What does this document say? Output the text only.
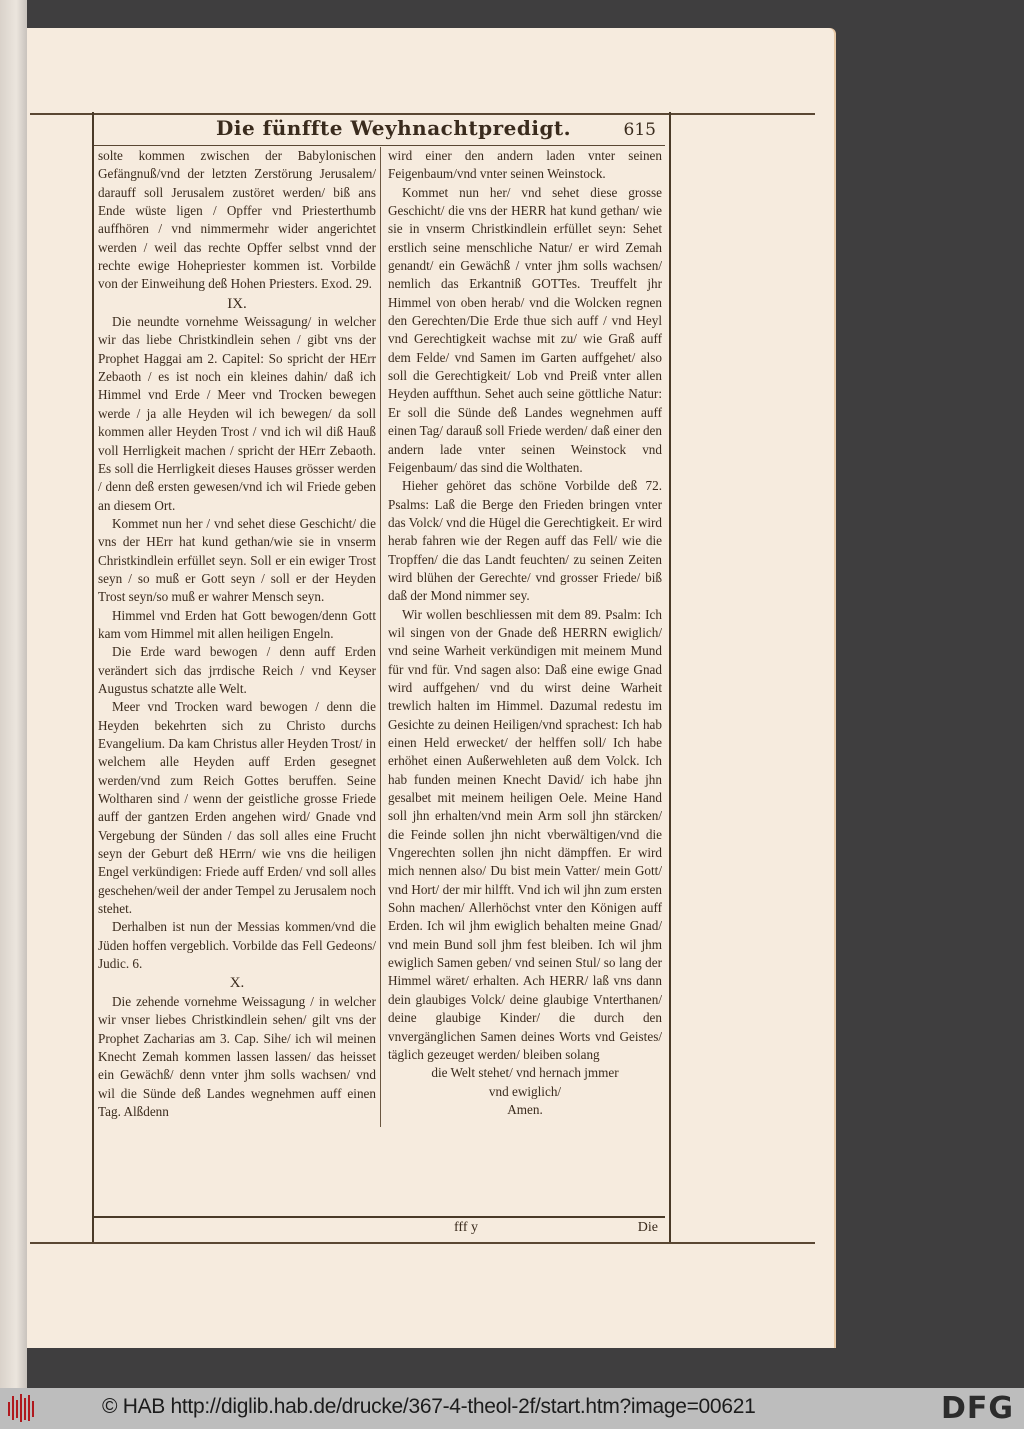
Die fünffte Weyhnachtpredigt.	615

solte kommen zwischen der Babylonischen Gefängnuß/vnd der letzten Zerstörung Jerusalem/ darauff soll Jerusalem zustöret werden/ biß ans Ende wüste ligen / Opffer vnd Priesterthumb auffhören / vnd nimmermehr wider angerichtet werden / weil das rechte Opffer selbst vnnd der rechte ewige Hohepriester kommen ist. Vorbilde von der Einweihung deß Hohen Priesters. Exod. 29.

IX.

Die neundte vornehme Weissagung/ in welcher wir das liebe Christkindlein sehen / gibt vns der Prophet Haggai am 2. Capitel: So spricht der HErr Zebaoth / es ist noch ein kleines dahin/ daß ich Himmel vnd Erde / Meer vnd Trocken bewegen werde / ja alle Heyden wil ich bewegen/ da soll kommen aller Heyden Trost / vnd ich wil diß Hauß voll Herrligkeit machen / spricht der HErr Zebaoth. Es soll die Herrligkeit dieses Hauses grösser werden / denn deß ersten gewesen/vnd ich wil Friede geben an diesem Ort.

Kommet nun her / vnd sehet diese Geschicht/ die vns der HErr hat kund gethan/wie sie in vnserm Christkindlein erfüllet seyn. Soll er ein ewiger Trost seyn / so muß er Gott seyn / soll er der Heyden Trost seyn/so muß er wahrer Mensch seyn.

Himmel vnd Erden hat Gott bewogen/denn Gott kam vom Himmel mit allen heiligen Engeln.

Die Erde ward bewogen / denn auff Erden verändert sich das jrrdische Reich / vnd Keyser Augustus schatzte alle Welt.

Meer vnd Trocken ward bewogen / denn die Heyden bekehrten sich zu Christo durchs Evangelium. Da kam Christus aller Heyden Trost/ in welchem alle Heyden auff Erden gesegnet werden/vnd zum Reich Gottes beruffen. Seine Woltharen sind / wenn der geistliche grosse Friede auff der gantzen Erden angehen wird/ Gnade vnd Vergebung der Sünden / das soll alles eine Frucht seyn der Geburt deß HErrn/ wie vns die heiligen Engel verkündigen: Friede auff Erden/ vnd soll alles geschehen/weil der ander Tempel zu Jerusalem noch stehet.

Derhalben ist nun der Messias kommen/vnd die Jüden hoffen vergeblich. Vorbilde das Fell Gedeons/ Judic. 6.

X.

Die zehende vornehme Weissagung / in welcher wir vnser liebes Christkindlein sehen/ gilt vns der Prophet Zacharias am 3. Cap. Sihe/ ich wil meinen Knecht Zemah kommen lassen lassen/ das heisset ein Gewächß/ denn vnter jhm solls wachsen/ vnd wil die Sünde deß Landes wegnehmen auff einen Tag. Alßdenn

wird einer den andern laden vnter seinen Feigenbaum/vnd vnter seinen Weinstock.

Kommet nun her/ vnd sehet diese grosse Geschicht/ die vns der HERR hat kund gethan/ wie sie in vnserm Christkindlein erfüllet seyn: Sehet erstlich seine menschliche Natur/ er wird Zemah genandt/ ein Gewächß / vnter jhm solls wachsen/ nemlich das Erkantniß GOTTes. Treuffelt jhr Himmel von oben herab/ vnd die Wolcken regnen den Gerechten/Die Erde thue sich auff / vnd Heyl vnd Gerechtigkeit wachse mit zu/ wie Graß auff dem Felde/ vnd Samen im Garten auffgehet/ also soll die Gerechtigkeit/ Lob vnd Preiß vnter allen Heyden auffthun. Sehet auch seine göttliche Natur: Er soll die Sünde deß Landes wegnehmen auff einen Tag/ darauß soll Friede werden/ daß einer den andern lade vnter seinen Weinstock vnd Feigenbaum/ das sind die Wolthaten.

Hieher gehöret das schöne Vorbilde deß 72. Psalms: Laß die Berge den Frieden bringen vnter das Volck/ vnd die Hügel die Gerechtigkeit. Er wird herab fahren wie der Regen auff das Fell/ wie die Tropffen/ die das Landt feuchten/ zu seinen Zeiten wird blühen der Gerechte/ vnd grosser Friede/ biß daß der Mond nimmer sey.

Wir wollen beschliessen mit dem 89. Psalm: Ich wil singen von der Gnade deß HERRN ewiglich/ vnd seine Warheit verkündigen mit meinem Mund für vnd für. Vnd sagen also: Daß eine ewige Gnad wird auffgehen/ vnd du wirst deine Warheit trewlich halten im Himmel. Dazumal redestu im Gesichte zu deinen Heiligen/vnd sprachest: Ich hab einen Held erwecket/ der helffen soll/ Ich habe erhöhet einen Außerwehleten auß dem Volck. Ich hab funden meinen Knecht David/ ich habe jhn gesalbet mit meinem heiligen Oele. Meine Hand soll jhn erhalten/vnd mein Arm soll jhn stärcken/ die Feinde sollen jhn nicht vberwältigen/vnd die Vngerechten sollen jhn nicht dämpffen. Er wird mich nennen also/ Du bist mein Vatter/ mein Gott/ vnd Hort/ der mir hilfft. Vnd ich wil jhn zum ersten Sohn machen/ Allerhöchst vnter den Königen auff Erden. Ich wil jhm ewiglich behalten meine Gnad/ vnd mein Bund soll jhm fest bleiben. Ich wil jhm ewiglich Samen geben/ vnd seinen Stul/ so lang der Himmel wäret/ erhalten. Ach HERR/ laß vns dann dein glaubiges Volck/ deine glaubige Vnterthanen/ deine glaubige Kinder/ die durch den vnvergänglichen Samen deines Worts vnd Geistes/ täglich gezeuget werden/ bleiben solang

die Welt stehet/ vnd hernach jmmer

vnd ewiglich/

Amen.

fff y	Die
© HAB http://diglib.hab.de/drucke/367-4-theol-2f/start.htm?image=00621	DFG
